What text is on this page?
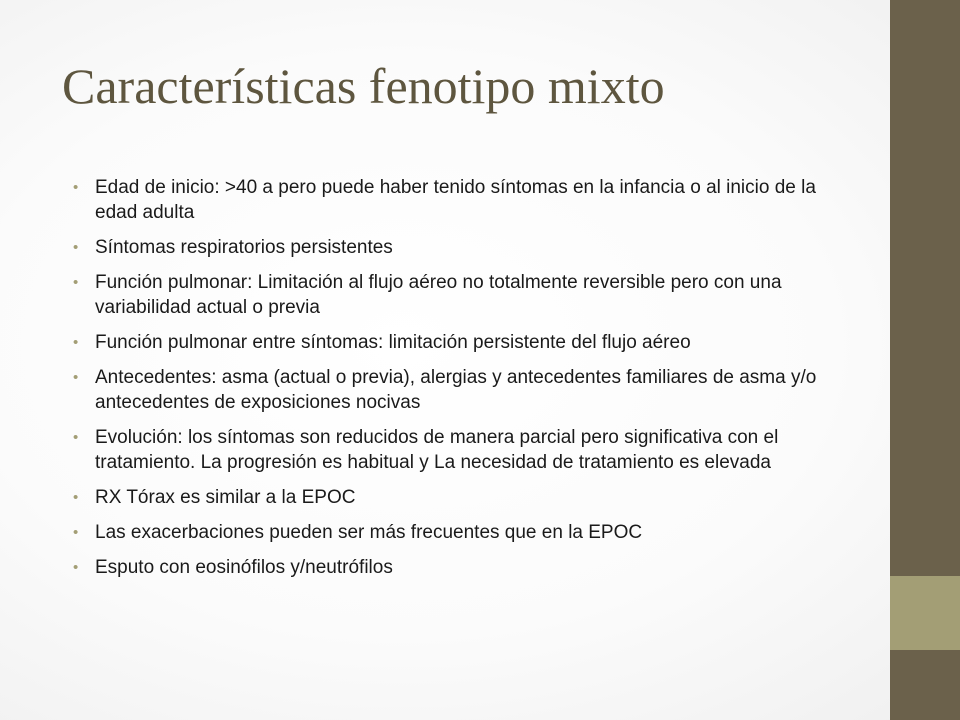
Características fenotipo mixto
• Edad de inicio: >40 a pero puede haber tenido síntomas en la infancia o al inicio de la edad adulta
• Síntomas respiratorios persistentes
• Función pulmonar: Limitación al flujo aéreo no totalmente reversible pero con una variabilidad actual o previa
• Función pulmonar entre síntomas: limitación persistente del flujo aéreo
• Antecedentes: asma (actual o previa), alergias y antecedentes familiares de asma y/o antecedentes de exposiciones nocivas
• Evolución: los síntomas son reducidos de manera parcial pero significativa con el tratamiento. La progresión es habitual y La necesidad de tratamiento es elevada
• RX Tórax es similar a la EPOC
• Las exacerbaciones pueden ser más frecuentes que en la EPOC
• Esputo con eosinófilos y/neutrófilos
